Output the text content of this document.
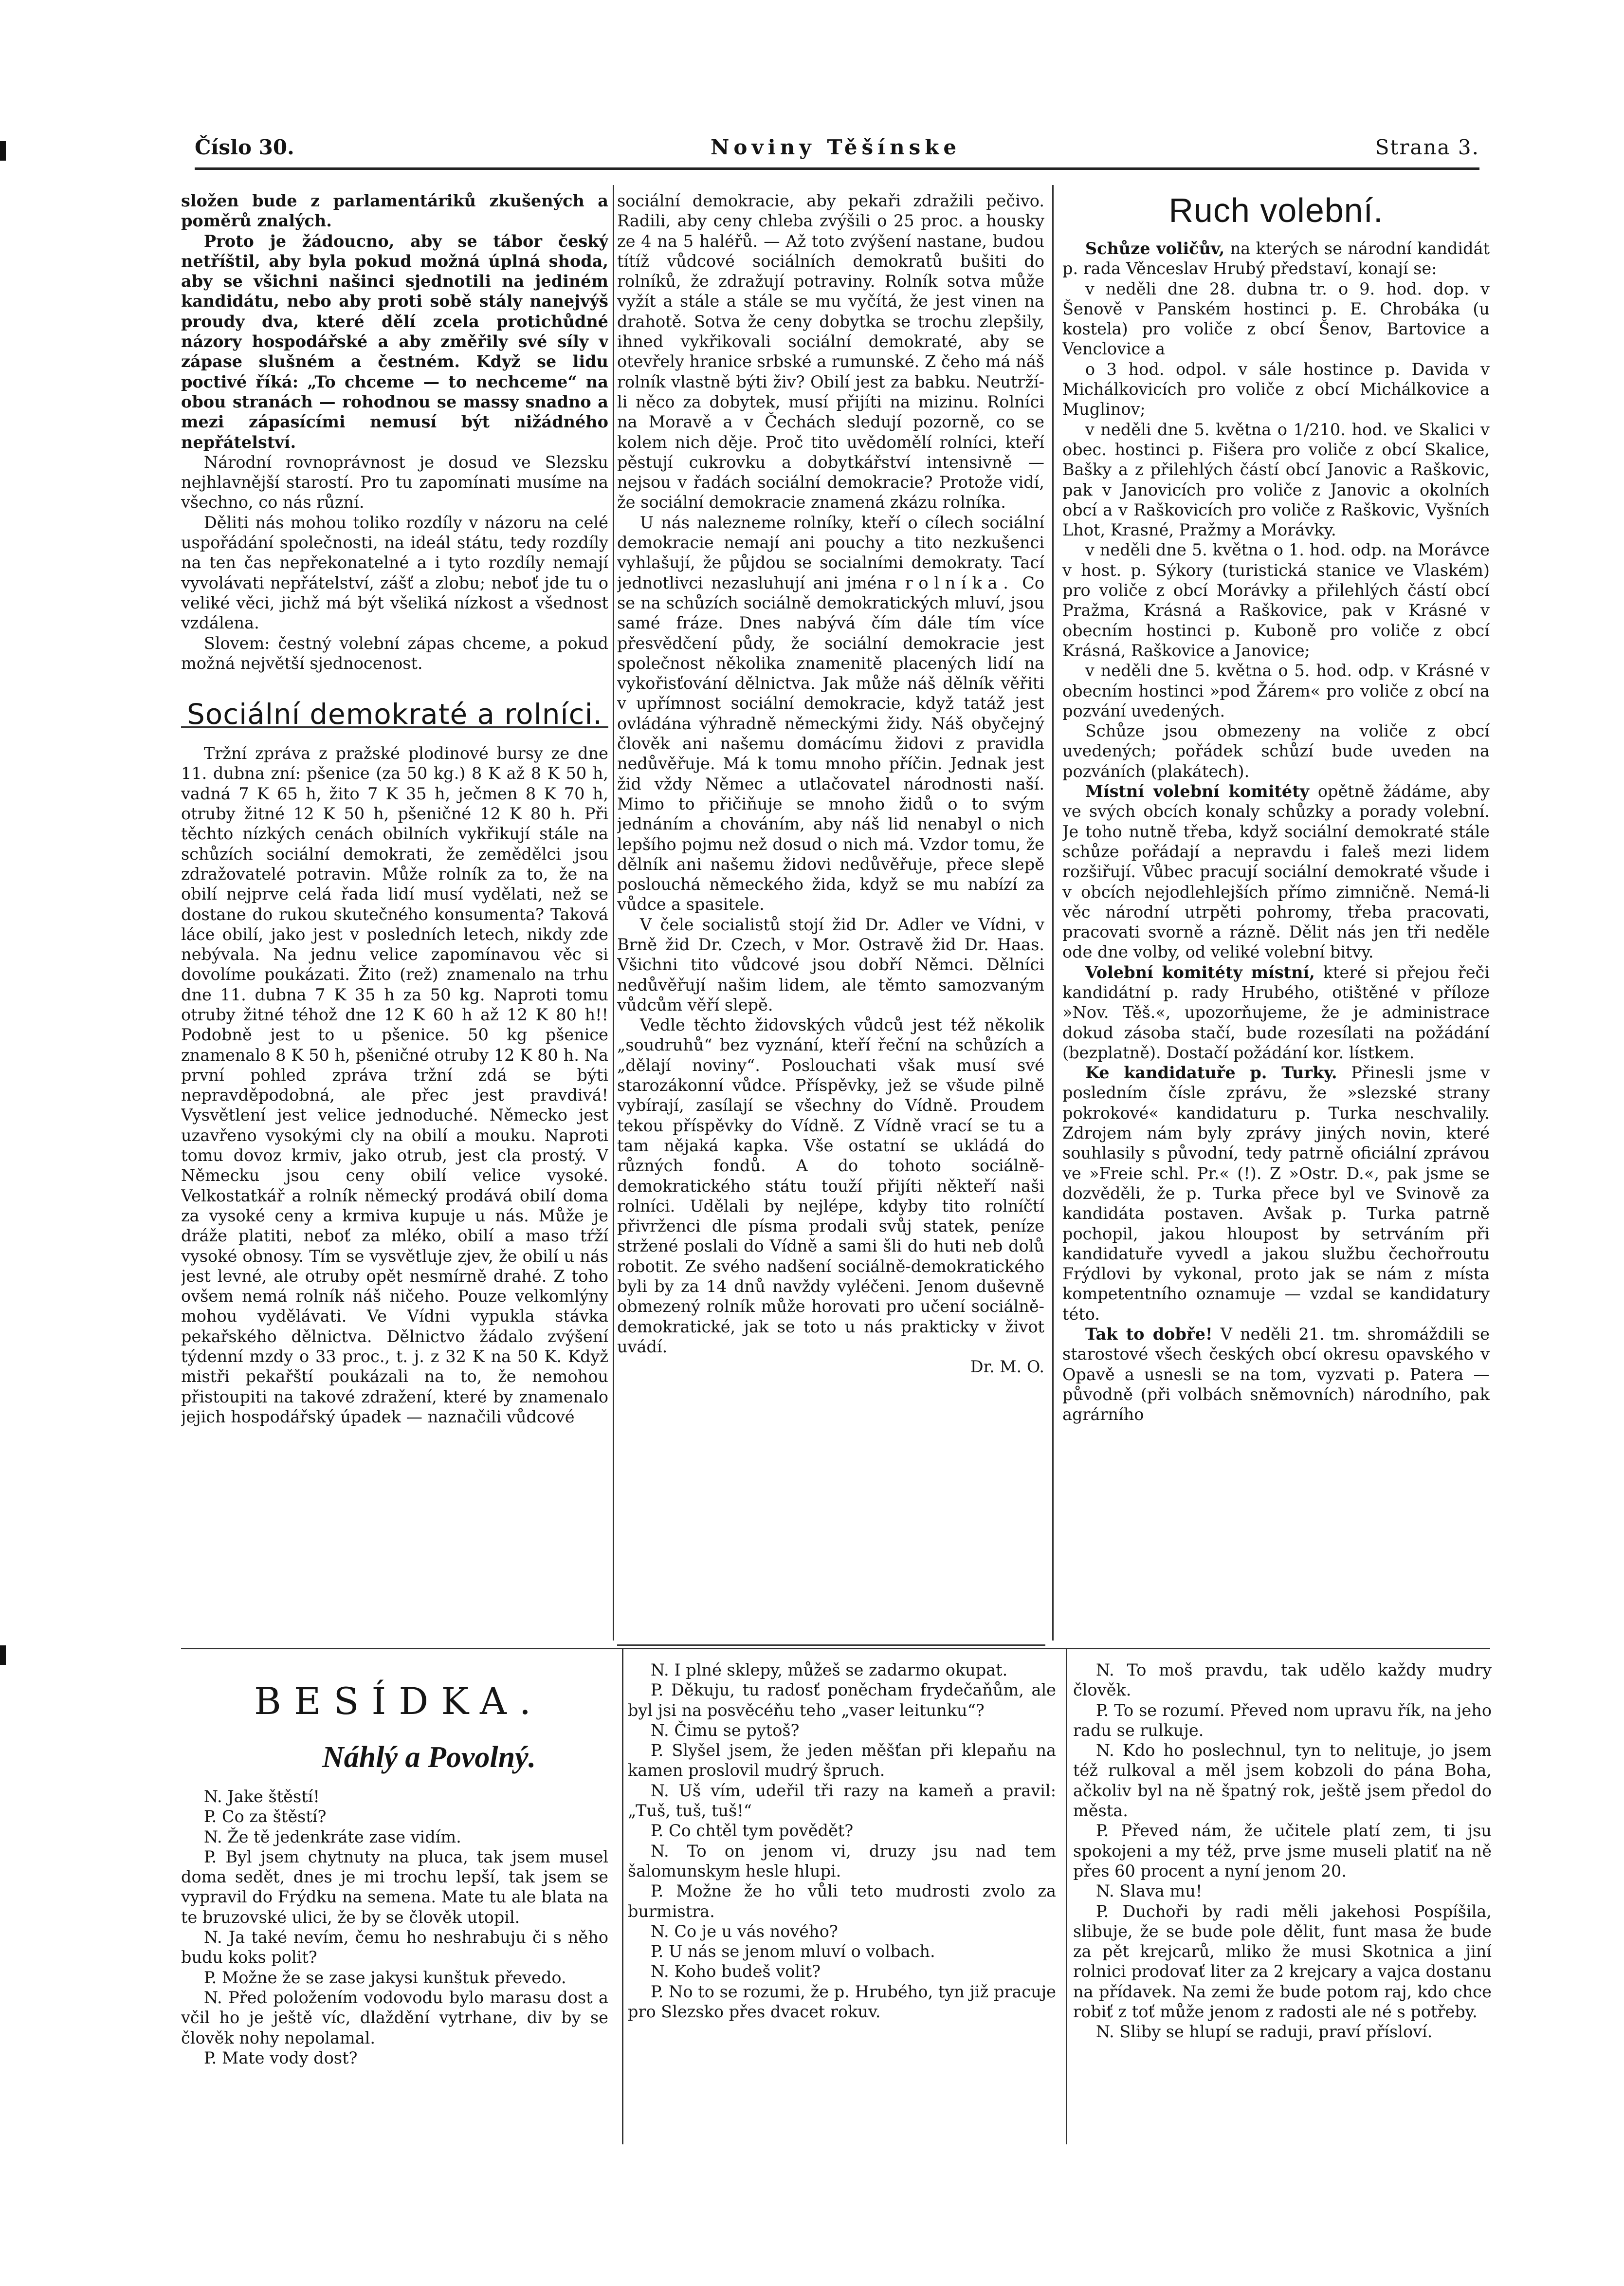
Číslo 30.	Noviny Těšínske	Strana 3.

složen bude z parlamentáriků zkušených a poměrů znalých.

Proto je žádoucno, aby se tábor český netříštil, aby byla pokud možná úplná shoda, aby se všichni našinci sjednotili na jediném kandidátu, nebo aby proti sobě stály nanejvýš proudy dva, které dělí zcela protichůdné názory hospodářské a aby změřily své síly v zápase slušném a čestném. Když se lidu poctivé říká: „To chceme — to nechceme“ na obou stranách — rohodnou se massy snadno a mezi zápasícími nemusí být nižádného nepřátelství.

Národní rovnoprávnost je dosud ve Slezsku nejhlavnější starostí. Pro tu zapomínati musíme na všechno, co nás různí.

Děliti nás mohou toliko rozdíly v názoru na celé uspořádání společnosti, na ideál státu, tedy rozdíly na ten čas nepřekonatelné a i tyto rozdíly nemají vyvolávati nepřátelství, zášť a zlobu; neboť jde tu o veliké věci, jichž má být všeliká nízkost a všednost vzdálena.

Slovem: čestný volební zápas chceme, a pokud možná největší sjednocenost.

Sociální demokraté a rolníci.

Tržní zpráva z pražské plodinové bursy ze dne 11. dubna zní: pšenice (za 50 kg.) 8 K až 8 K 50 h, vadná 7 K 65 h, žito 7 K 35 h, ječmen 8 K 70 h, otruby žitné 12 K 50 h, pšeničné 12 K 80 h. Při těchto nízkých cenách obilních vykřikují stále na schůzích sociální demokrati, že zemědělci jsou zdražovatelé potravin. Může rolník za to, že na obilí nejprve celá řada lidí musí vydělati, než se dostane do rukou skutečného konsumenta? Taková láce obilí, jako jest v posledních letech, nikdy zde nebývala. Na jednu velice zapomínavou věc si dovolíme poukázati. Žito (rež) znamenalo na trhu dne 11. dubna 7 K 35 h za 50 kg. Naproti tomu otruby žitné téhož dne 12 K 60 h až 12 K 80 h!! Podobně jest to u pšenice. 50 kg pšenice znamenalo 8 K 50 h, pšeničné otruby 12 K 80 h. Na první pohled zpráva tržní zdá se býti nepravděpodobná, ale přec jest pravdivá! Vysvětlení jest velice jednoduché. Německo jest uzavřeno vysokými cly na obilí a mouku. Naproti tomu dovoz krmiv, jako otrub, jest cla prostý. V Německu jsou ceny obilí velice vysoké. Velkostatkář a rolník německý prodává obilí doma za vysoké ceny a krmiva kupuje u nás. Může je dráže platiti, neboť za mléko, obilí a maso tŕží vysoké obnosy. Tím se vysvětluje zjev, že obilí u nás jest levné, ale otruby opět nesmírně drahé. Z toho ovšem nemá rolník náš ničeho. Pouze velkomlýny mohou vydělávati. Ve Vídni vypukla stávka pekařského dělnictva. Dělnictvo žádalo zvýšení týdenní mzdy o 33 proc., t. j. z 32 K na 50 K. Když mistři pekařští poukázali na to, že nemohou přistoupiti na takové zdražení, které by znamenalo jejich hospodářský úpadek — naznačili vůdcové

sociální demokracie, aby pekaři zdražili pečivo. Radili, aby ceny chleba zvýšili o 25 proc. a housky ze 4 na 5 haléřů. — Až toto zvýšení nastane, budou títíž vůdcové sociálních demokratů bušiti do rolníků, že zdražují potraviny. Rolník sotva může vyžít a stále a stále se mu vyčítá, že jest vinen na drahotě. Sotva že ceny dobytka se trochu zlepšily, ihned vykřikovali sociální demokraté, aby se otevřely hranice srbské a rumunské. Z čeho má náš rolník vlastně býti živ? Obilí jest za babku. Neutrží-li něco za dobytek, musí přijíti na mizinu. Rolníci na Moravě a v Čechách sledují pozorně, co se kolem nich děje. Proč tito uvědomělí rolníci, kteří pěstují cukrovku a dobytkářství intensivně — nejsou v řadách sociální demokracie? Protože vidí, že sociální demokracie znamená zkázu rolníka.

U nás nalezneme rolníky, kteří o cílech sociální demokracie nemají ani pouchy a tito nezkušenci vyhlašují, že půjdou se socialními demokraty. Tací jednotlivci nezasluhují ani jména rolníka. Co se na schůzích sociálně demokratických mluví, jsou samé fráze. Dnes nabývá čím dále tím více přesvědčení půdy, že sociální demokracie jest společnost několika znamenitě placených lidí na vykořisťování dělnictva. Jak může náš dělník věřiti v upřímnost sociální demokracie, když tatáž jest ovládána výhradně německými židy. Náš obyčejný člověk ani našemu domácímu židovi z pravidla nedůvěřuje. Má k tomu mnoho příčin. Jednak jest žid vždy Němec a utlačovatel národnosti naší. Mimo to přičiňuje se mnoho židů o to svým jednáním a chováním, aby náš lid nenabyl o nich lepšího pojmu než dosud o nich má. Vzdor tomu, že dělník ani našemu židovi nedůvěřuje, přece slepě poslouchá německého žida, když se mu nabízí za vůdce a spasitele.

V čele socialistů stojí žid Dr. Adler ve Vídni, v Brně žid Dr. Czech, v Mor. Ostravě žid Dr. Haas. Všichni tito vůdcové jsou dobří Němci. Dělníci nedůvěřují našim lidem, ale těmto samozvaným vůdcům věří slepě.

Vedle těchto židovských vůdců jest též několik „soudruhů“ bez vyznání, kteří řeční na schůzích a „dělají noviny“. Poslouchati však musí své starozákonní vůdce. Příspěvky, jež se všude pilně vybírají, zasílají se všechny do Vídně. Proudem tekou příspěvky do Vídně. Z Vídně vrací se tu a tam nějaká kapka. Vše ostatní se ukládá do různých fondů. A do tohoto sociálně-demokratického státu touží přijíti někteří naši rolníci. Udělali by nejlépe, kdyby tito rolníčtí přivrženci dle písma prodali svůj statek, peníze stržené poslali do Vídně a sami šli do huti neb dolů robotit. Ze svého nadšení sociálně-demokratického byli by za 14 dnů navždy vyléčeni. Jenom duševně obmezený rolník může horovati pro učení sociálně-demokratické, jak se toto u nás prakticky v život uvádí.

Dr. M. O.

Ruch volební.

Schůze voličův, na kterých se národní kandidát p. rada Věnceslav Hrubý představí, konají se:

v neděli dne 28. dubna tr. o 9. hod. dop. v Šenově v Panském hostinci p. E. Chrobáka (u kostela) pro voliče z obcí Šenov, Bartovice a Venclovice a

o 3 hod. odpol. v sále hostince p. Davida v Michálkovicích pro voliče z obcí Michálkovice a Muglinov;

v neděli dne 5. května o 1/210. hod. ve Skalici v obec. hostinci p. Fišera pro voliče z obcí Skalice, Bašky a z přilehlých částí obcí Janovic a Raškovic, pak v Janovicích pro voliče z Janovic a okolních obcí a v Raškovicích pro voliče z Raškovic, Vyšních Lhot, Krasné, Pražmy a Morávky.

v neděli dne 5. května o 1. hod. odp. na Morávce v host. p. Sýkory (turistická stanice ve Vlaském) pro voliče z obcí Morávky a přilehlých částí obcí Pražma, Krásná a Raškovice, pak v Krásné v obecním hostinci p. Kuboně pro voliče z obcí Krásná, Raškovice a Janovice;

v neděli dne 5. května o 5. hod. odp. v Krásné v obecním hostinci »pod Žárem« pro voliče z obcí na pozvání uvedených.

Schůze jsou obmezeny na voliče z obcí uvedených; pořádek schůzí bude uveden na pozváních (plakátech).

Místní volební komitéty opětně žádáme, aby ve svých obcích konaly schůzky a porady volební. Je toho nutně třeba, když sociální demokraté stále schůze pořádají a nepravdu i faleš mezi lidem rozšiřují. Vůbec pracují sociální demokraté všude i v obcích nejodlehlejších přímo zimničně. Nemá-li věc národní utrpěti pohromy, třeba pracovati, pracovati svorně a rázně. Dělit nás jen tři neděle ode dne volby, od veliké volební bitvy.

Volební komitéty místní, které si přejou řeči kandidátní p. rady Hrubého, otištěné v příloze »Nov. Těš.«, upozorňujeme, že je administrace dokud zásoba stačí, bude rozesílati na požádání (bezplatně). Dostačí požádání kor. lístkem.

Ke kandidatuře p. Turky. Přinesli jsme v posledním čísle zprávu, že »slezské strany pokrokové« kandidaturu p. Turka neschvalily. Zdrojem nám byly zprávy jiných novin, které souhlasily s původní, tedy patrně oficiální zprávou ve »Freie schl. Pr.« (!). Z »Ostr. D.«, pak jsme se dozvěděli, že p. Turka přece byl ve Svinově za kandidáta postaven. Avšak p. Turka patrně pochopil, jakou hloupost by setrváním při kandidatuře vyvedl a jakou službu čechořroutu Frýdlovi by vykonal, proto jak se nám z místa kompetentního oznamuje — vzdal se kandidatury této.

Tak to dobře! V neděli 21. tm. shromáždili se starostové všech českých obcí okresu opavského v Opavě a usnesli se na tom, vyzvati p. Patera — původně (při volbách sněmovních) národního, pak agrárního

BESÍDKA.
Náhlý a Povolný.

N. Jake štěstí!

P. Co za štěstí?

N. Že tě jedenkráte zase vidím.

P. Byl jsem chytnuty na pluca, tak jsem musel doma sedět, dnes je mi trochu lepší, tak jsem se vypravil do Frýdku na semena. Mate tu ale blata na te bruzovské ulici, že by se člověk utopil.

N. Ja také nevím, čemu ho neshrabuju či s něho budu koks polit?

P. Možne že se zase jakysi kunštuk převedo.

N. Před položením vodovodu bylo marasu dost a včil ho je ještě víc, dlaždění vytrhane, div by se člověk nohy nepolamal.

P. Mate vody dost?

N. I plné sklepy, můžeš se zadarmo okupat.

P. Děkuju, tu radosť poněcham frydečaňům, ale byl jsi na posvěcéňu teho „vaser leitunku“?

N. Čimu se pytoš?

P. Slyšel jsem, že jeden měšťan při klepaňu na kamen proslovil mudrý špruch.

N. Uš vím, udeřil tři razy na kameň a pravil: „Tuš, tuš, tuš!“

P. Co chtěl tym povědět?

N. To on jenom vi, druzy jsu nad tem šalomunskym hesle hlupi.

P. Možne že ho vůli teto mudrosti zvolo za burmistra.

N. Co je u vás nového?

P. U nás se jenom mluví o volbach.

N. Koho budeš volit?

P. No to se rozumi, že p. Hrubého, tyn již pracuje pro Slezsko přes dvacet rokuv.

N. To moš pravdu, tak udělo každy mudry člověk.

P. To se rozumí. Převed nom upravu řík, na jeho radu se rulkuje.

N. Kdo ho poslechnul, tyn to nelituje, jo jsem též rulkoval a měl jsem kobzoli do pána Boha, ačkoliv byl na ně špatný rok, ještě jsem předol do města.

P. Převed nám, že učitele platí zem, ti jsu spokojeni a my též, prve jsme museli platiť na ně přes 60 procent a nyní jenom 20.

N. Slava mu!

P. Duchoři by radi měli jakehosi Pospíšila, slibuje, že se bude pole dělit, funt masa že bude za pět krejcarů, mliko že musi Skotnica a jiní rolnici prodovať liter za 2 krejcary a vajca dostanu na přídavek. Na zemi že bude potom raj, kdo chce robiť z toť může jenom z radosti ale né s potřeby.

N. Sliby se hlupí se raduji, praví přísloví.
